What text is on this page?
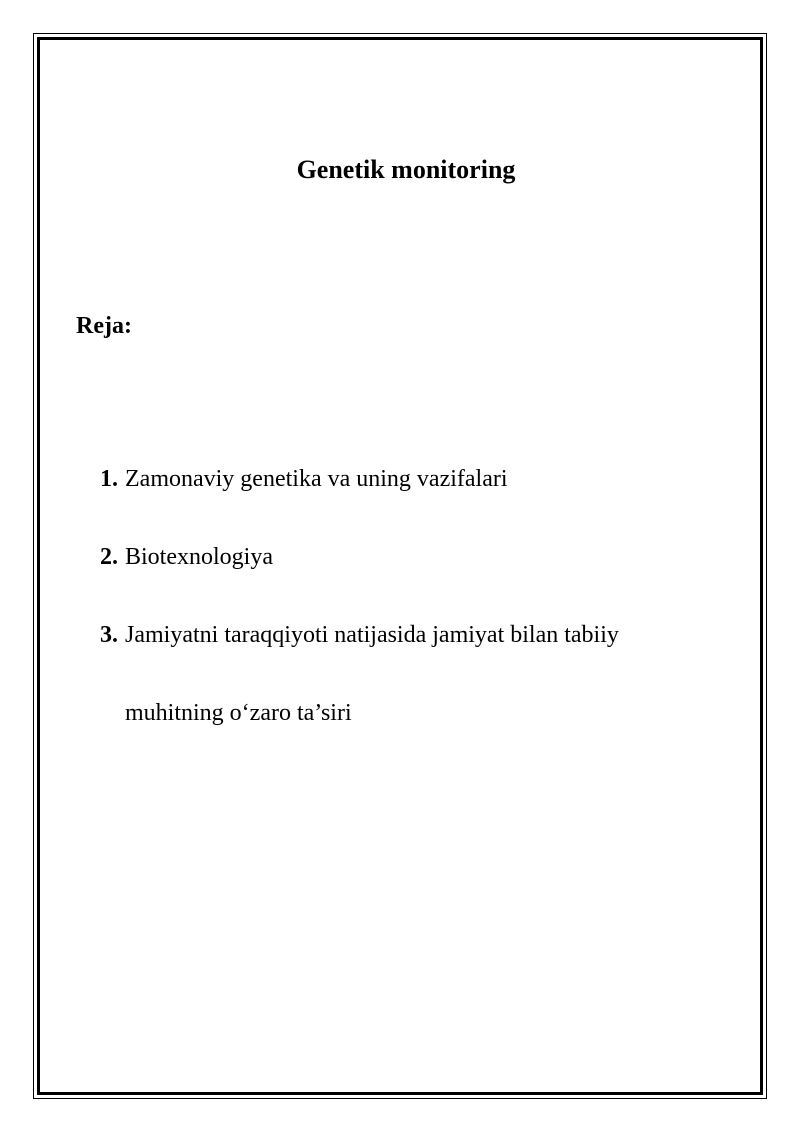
Genetik monitoring
Reja:
1. Zamonaviy genetika va uning vazifalari
2. Biotexnologiya
3. Jamiyatni taraqqiyoti natijasida jamiyat bilan tabiiy
muhitning o‘zaro ta’siri
